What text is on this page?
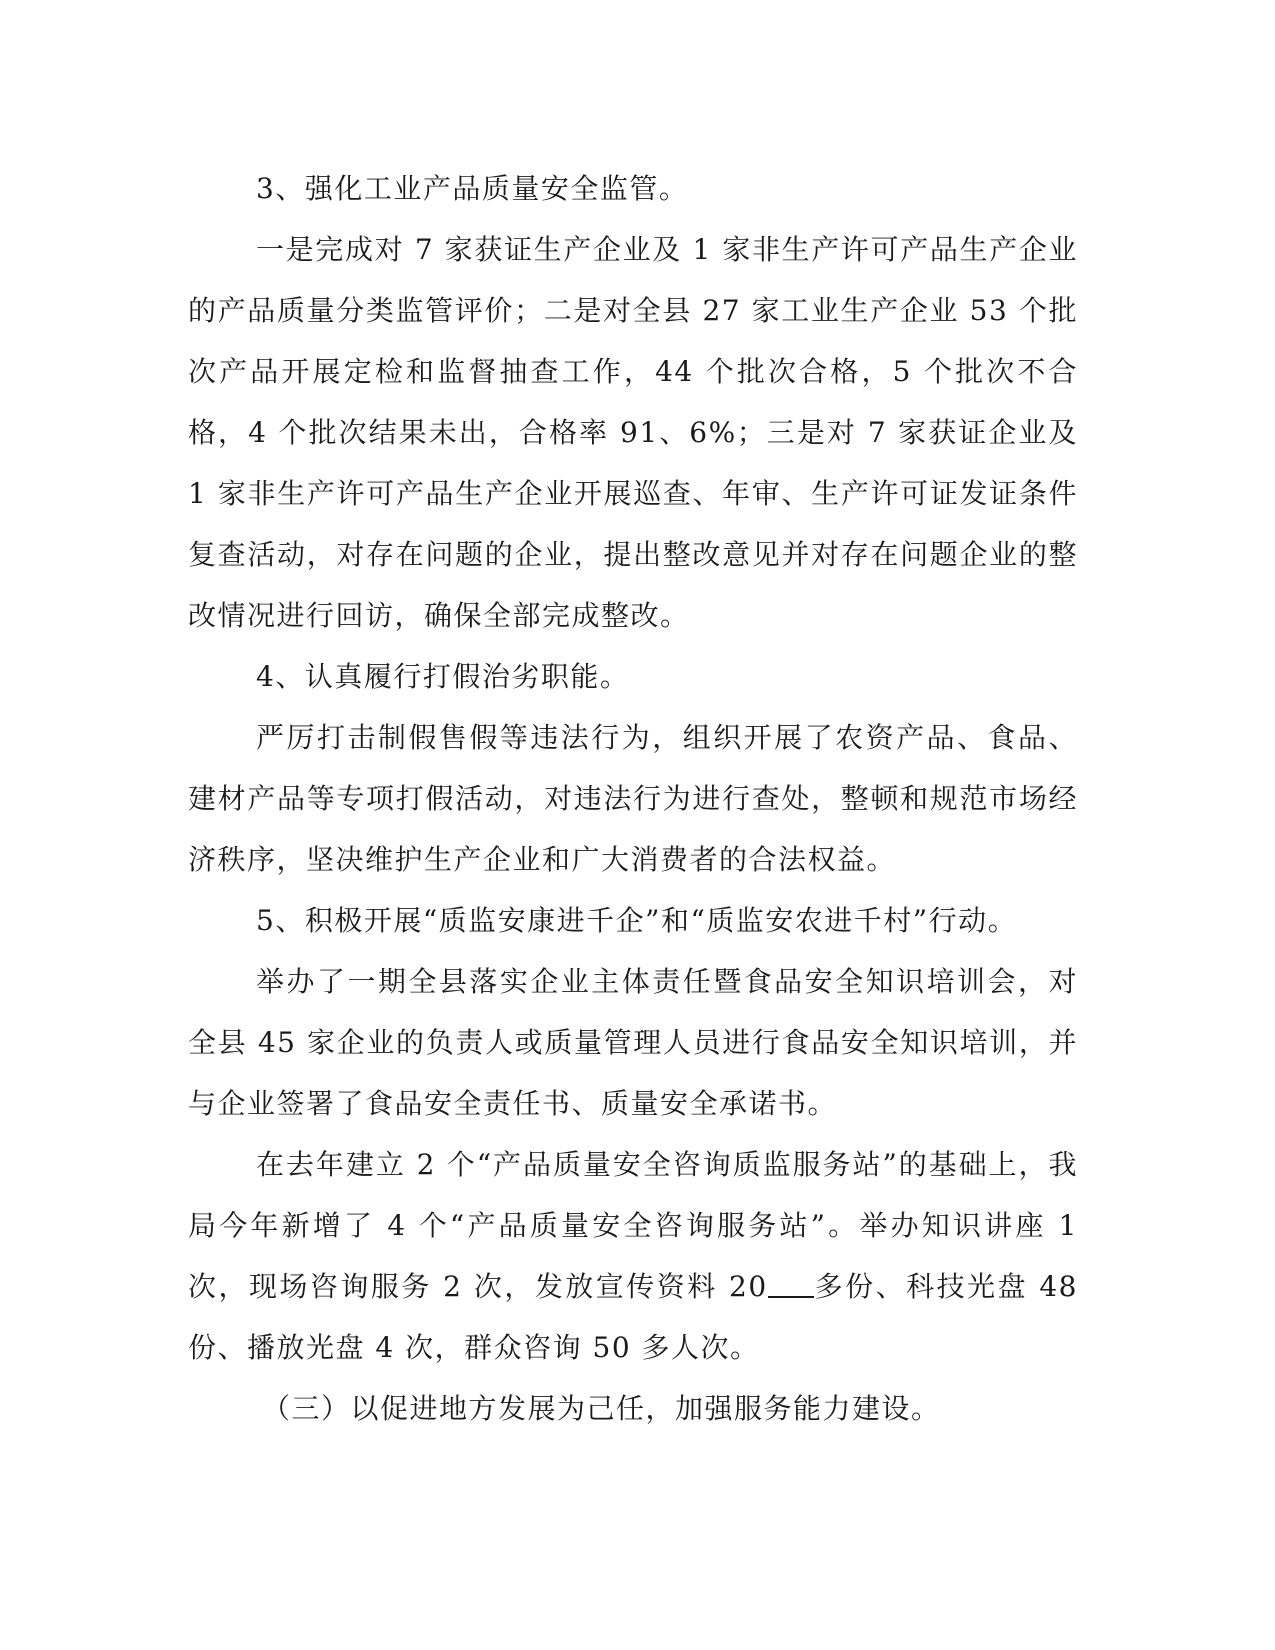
3、强化工业产品质量安全监管。

一是完成对 7 家获证生产企业及 1 家非生产许可产品生产企业的产品质量分类监管评价；二是对全县 27 家工业生产企业 53 个批次产品开展定检和监督抽查工作，44 个批次合格，5 个批次不合格，4 个批次结果未出，合格率 91、6%；三是对 7 家获证企业及 1 家非生产许可产品生产企业开展巡查、年审、生产许可证发证条件复查活动，对存在问题的企业，提出整改意见并对存在问题企业的整改情况进行回访，确保全部完成整改。

4、认真履行打假治劣职能。

严厉打击制假售假等违法行为，组织开展了农资产品、食品、建材产品等专项打假活动，对违法行为进行查处，整顿和规范市场经济秩序，坚决维护生产企业和广大消费者的合法权益。

5、积极开展“质监安康进千企”和“质监安农进千村”行动。

举办了一期全县落实企业主体责任暨食品安全知识培训会，对全县 45 家企业的负责人或质量管理人员进行食品安全知识培训，并与企业签署了食品安全责任书、质量安全承诺书。

在去年建立 2 个“产品质量安全咨询质监服务站”的基础上，我局今年新增了 4 个“产品质量安全咨询服务站”。举办知识讲座 1 次，现场咨询服务 2 次，发放宣传资料 20 多份、科技光盘 48 份、播放光盘 4 次，群众咨询 50 多人次。

（三）以促进地方发展为己任，加强服务能力建设。
